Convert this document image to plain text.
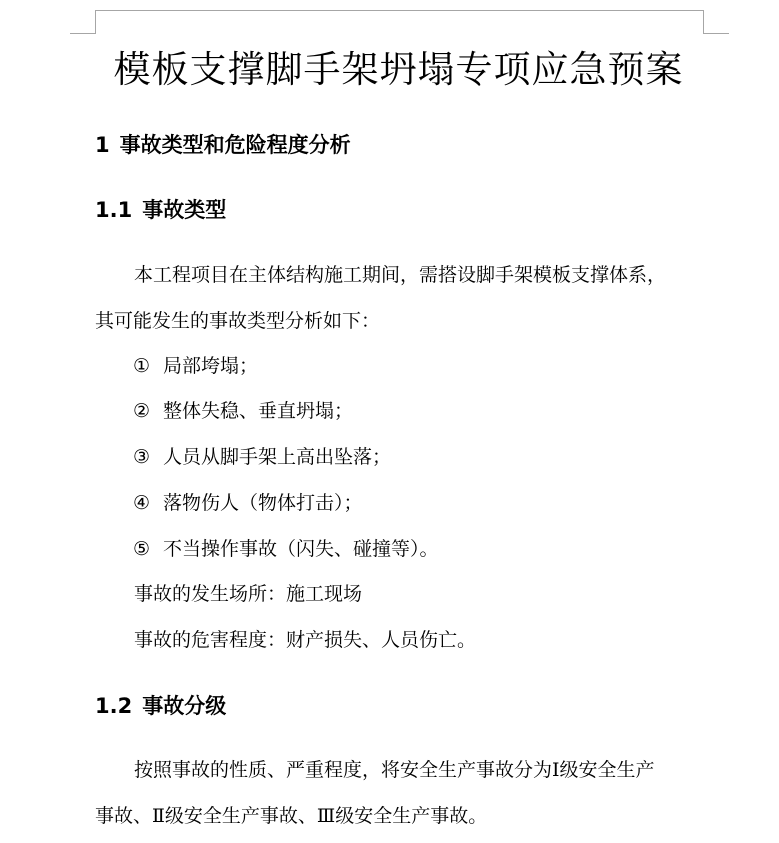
模板支撑脚手架坍塌专项应急预案
1 事故类型和危险程度分析
1.1 事故类型

本工程项目在主体结构施工期间，需搭设脚手架模板支撑体系，

其可能发生的事故类型分析如下：

① 局部垮塌；
② 整体失稳、垂直坍塌；
③ 人员从脚手架上高出坠落；
④ 落物伤人（物体打击）；
⑤ 不当操作事故（闪失、碰撞等）。

事故的发生场所：施工现场

事故的危害程度：财产损失、人员伤亡。

1.2 事故分级

按照事故的性质、严重程度，将安全生产事故分为Ⅰ级安全生产

事故、Ⅱ级安全生产事故、Ⅲ级安全生产事故。
